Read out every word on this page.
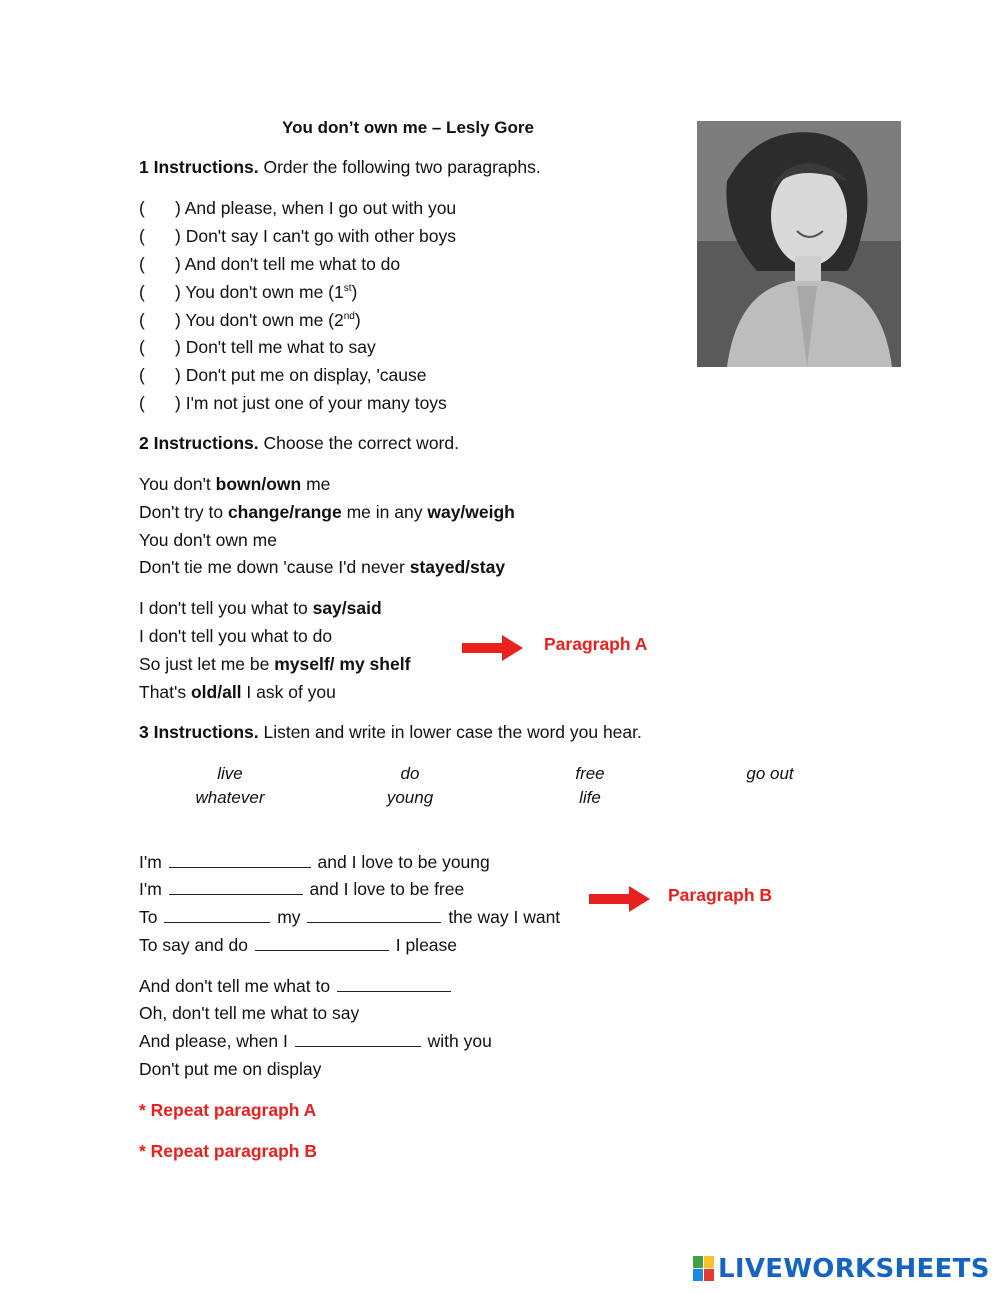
You don’t own me – Lesly Gore
1 Instructions. Order the following two paragraphs.
( ) And please, when I go out with you
( ) Don't say I can't go with other boys
( ) And don't tell me what to do
( ) You don't own me (1st)
( ) You don't own me (2nd)
( ) Don't tell me what to say
( ) Don't put me on display, 'cause
( ) I'm not just one of your many toys
2 Instructions. Choose the correct word.
You don't bown/own me
Don't try to change/range me in any way/weigh
You don't own me
Don't tie me down 'cause I'd never stayed/stay
I don't tell you what to say/said
I don't tell you what to do
So just let me be myself/ my shelf
That's old/all I ask of you
Paragraph A
3 Instructions. Listen and write in lower case the word you hear.
live	do	free	go out
whatever	young	life
I'm	and I love to be young
I'm	and I love to be free
To	my	the way I want
To say and do	I please
Paragraph B
And don't tell me what to
Oh, don't tell me what to say
And please, when I	with you
Don't put me on display
* Repeat paragraph A
* Repeat paragraph B
LIVEWORKSHEETS
